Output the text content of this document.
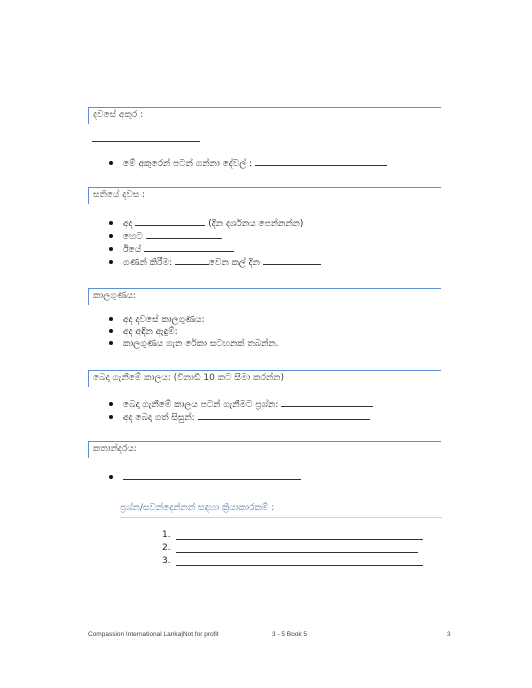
දවසේ අකුර :
මේ අකුරෙන් පටන් ගන්නා දේවල් :
සතියේ දවස :
අද	(දින දර්ශනය පෙන්නන්න)
හෙට
ඊයේ
ගණන් කිරීම:	වෙන කල් දින
කාලගුණය:
අද දවසේ කාලගුණය:
අද අඳින ඇඳුම්:
කාලගුණය ගැන රේකා සටහනක් තබන්න.
බෙදා ගැනීමේ කාලය: (විනාඩි 10 කට සීමා කරන්න)
බෙදා ගැනීමේ කාලය පටන් ගැනීමට ප්‍රශ්න:
අද බෙදා ගත් සිසුන්:
කතාන්දරය:
ප්‍රශ්න/සවන්දෙන්නන් සඳහා ක්‍රියාකාරකම් :
1.
2.
3.
Compassion International Lanka|Not for profit	3 - 5 Book 5	3
